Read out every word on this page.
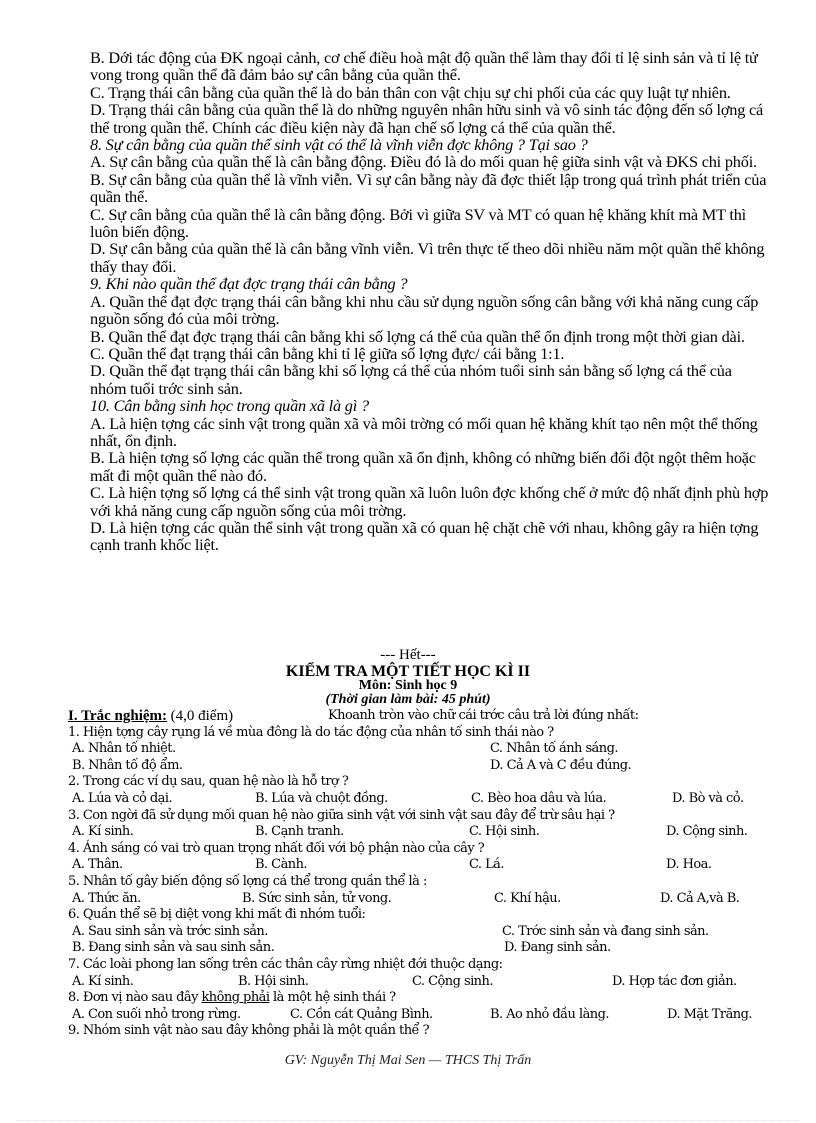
B. Dới tác động của ĐK ngoại cảnh, cơ chế điều hoà mật độ quần thể làm thay đổi tỉ lệ sinh sản và tỉ lệ tử vong trong quần thể đã đảm bảo sự cân bằng của quần thể.

C. Trạng thái cân bằng của quần thể là do bản thân con vật chịu sự chi phối của các quy luật tự nhiên.

D. Trạng thái cân bằng của quần thể là do những nguyên nhân hữu sinh và vô sinh tác động đến số lợng cá thể trong quần thể. Chính các điều kiện này đã hạn chế số lợng cá thể của quần thể.

8. Sự cân bằng của quần thể sinh vật có thể là vĩnh viễn đợc không ? Tại sao ?

A. Sự cân bằng của quần thể là cân bằng động. Điều đó là do mối quan hệ giữa sinh vật và ĐKS chi phối.

B. Sự cân bằng của quần thể là vĩnh viễn. Vì sự cân bằng này đã đợc thiết lập trong quá trình phát triển của quần thể.

C. Sự cân bằng của quần thể là cân bằng động. Bởi vì giữa SV và MT có quan hệ khăng khít mà MT thì luôn biến động.

D. Sự cân bằng của quần thể là cân bằng vĩnh viễn. Vì trên thực tế theo dõi nhiều năm một quần thể không thấy thay đổi.

9. Khi nào quần thể đạt đợc trạng thái cân bằng ?

A. Quần thể đạt đợc trạng thái cân bằng khi nhu cầu sử dụng nguồn sống cân bằng với khả năng cung cấp nguồn sống đó của môi trờng.

B. Quần thể đạt đợc trạng thái cân bằng khi số lợng cá thể của quần thể ổn định trong một thời gian dài.

C. Quần thể đạt trạng thái cân bằng khi tỉ lệ giữa số lợng đực/ cái bằng 1:1.

D. Quần thể đạt trạng thái cân bằng khi số lợng cá thể của nhóm tuổi sinh sản bằng số lợng cá thể của nhóm tuổi trớc sinh sản.

10. Cân bằng sinh học trong quần xã là gì ?

A. Là hiện tợng các sinh vật trong quần xã và môi trờng có mối quan hệ khăng khít tạo nên một thể thống nhất, ổn định.

B. Là hiện tợng số lợng các quần thể trong quần xã ổn định, không có những biến đổi đột ngột thêm hoặc mất đi một quần thể nào đó.

C. Là hiện tợng số lợng cá thể sinh vật trong quần xã luôn luôn đợc khống chế ở mức độ nhất định phù hợp với khả năng cung cấp nguồn sống của môi trờng.

D. Là hiện tợng các quần thể sinh vật trong quần xã có quan hệ chặt chẽ với nhau, không gây ra hiện tợng cạnh tranh khốc liệt.

--- Hết---
KIỂM TRA MỘT TIẾT HỌC KÌ II
Môn: Sinh học 9
(Thời gian làm bài: 45 phút)
I. Trắc nghiệm: (4,0 điểm)	Khoanh tròn vào chữ cái trớc câu trả lời đúng nhất:
1. Hiện tợng cây rụng lá về mùa đông là do tác động của nhân tố sinh thái nào ?
A. Nhân tố nhiệt.	C. Nhân tố ánh sáng.
B. Nhân tố độ ẩm.	D. Cả A và C đều đúng.
2. Trong các ví dụ sau, quan hệ nào là hỗ trợ ?
A. Lúa và cỏ dại.	B. Lúa và chuột đồng.	C. Bèo hoa dâu và lúa.	D. Bò và cỏ.
3. Con ngời đã sử dụng mối quan hệ nào giữa sinh vật với sinh vật sau đây để trừ sâu hại ?
A. Kí sinh.	B. Cạnh tranh.	C. Hội sinh.	D. Cộng sinh.
4. Ánh sáng có vai trò quan trọng nhất đối với bộ phận nào của cây ?
A. Thân.	B. Cành.	C. Lá.	D. Hoa.
5. Nhân tố gây biến động số lợng cá thể trong quần thể là :
A. Thức ăn.	B. Sức sinh sản, tử vong.	C. Khí hậu.	D. Cả A,và B.
6. Quần thể sẽ bị diệt vong khi mất đi nhóm tuổi:
A. Sau sinh sản và trớc sinh sản.	C. Trớc sinh sản và đang sinh sản.
B. Đang sinh sản và sau sinh sản.	D. Đang sinh sản.
7. Các loài phong lan sống trên các thân cây rừng nhiệt đới thuộc dạng:
A. Kí sinh.	B. Hội sinh.	C. Cộng sinh.	D. Hợp tác đơn giản.
8. Đơn vị nào sau đây không phải là một hệ sinh thái ?
A. Con suối nhỏ trong rừng.	C. Cồn cát Quảng Bình.	B. Ao nhỏ đầu làng.	D. Mặt Trăng.
9. Nhóm sinh vật nào sau đây không phải là một quần thể ?
GV: Nguyễn Thị Mai Sen — THCS Thị Trấn
